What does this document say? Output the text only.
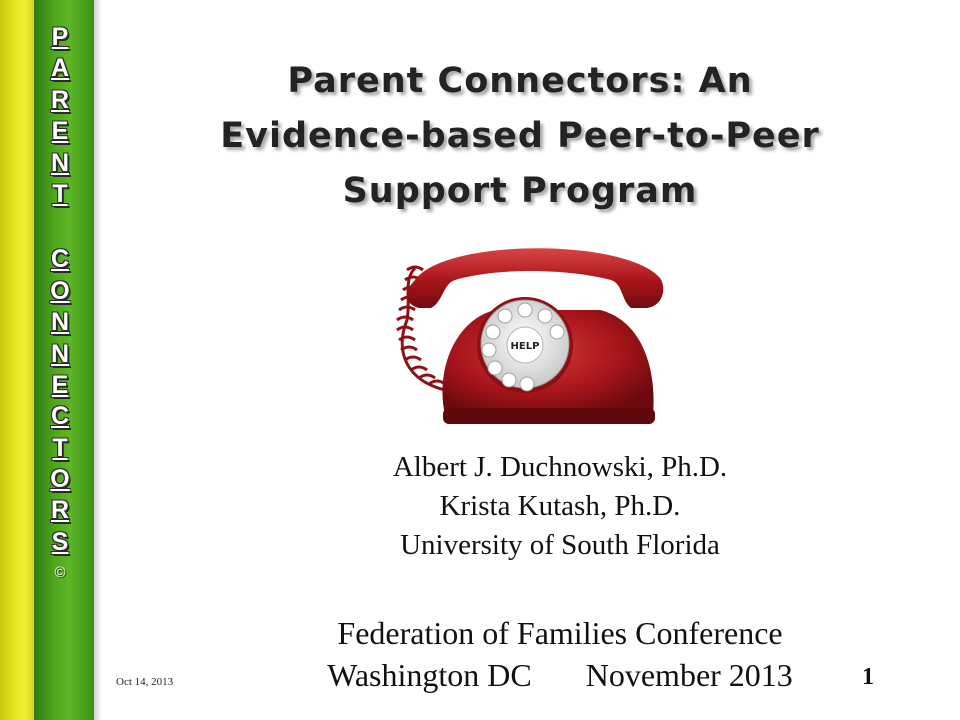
P
A
R
E
N
T
C
O
N
N
E
C
T
O
R
S
©
Parent Connectors: An
Evidence-based Peer-to-Peer
Support Program
HELP
Albert J. Duchnowski, Ph.D.
Krista Kutash, Ph.D.
University of South Florida
Federation of Families Conference
Washington DC November 2013
Oct 14, 2013	1
